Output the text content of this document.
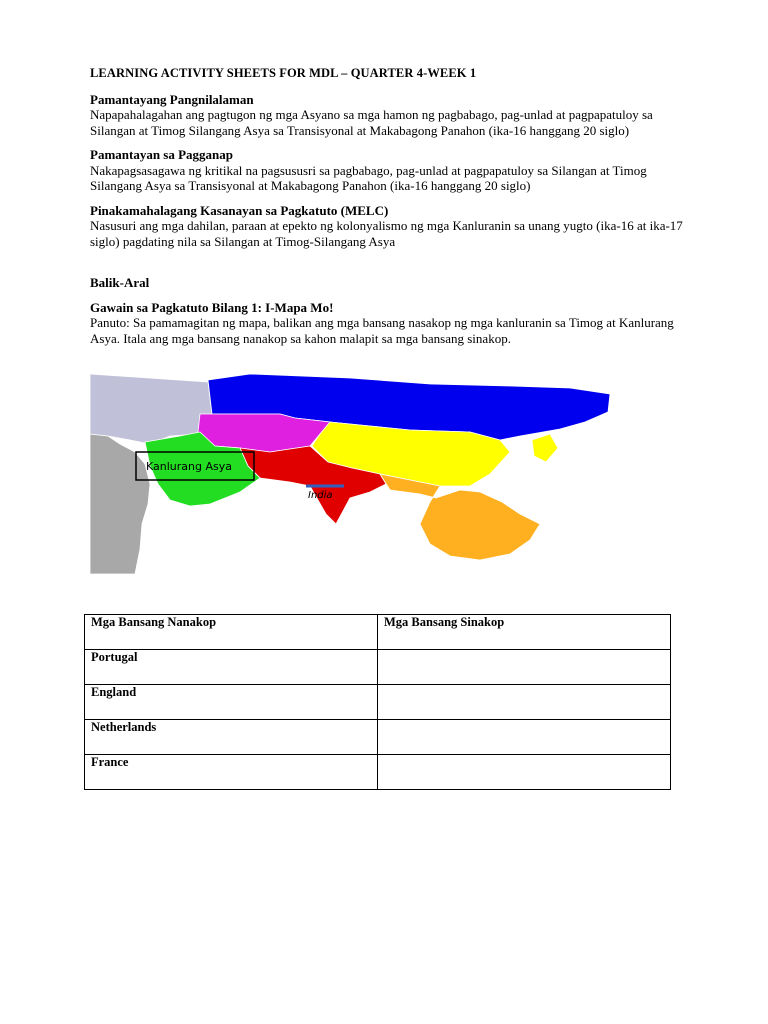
LEARNING ACTIVITY SHEETS FOR MDL – QUARTER 4-WEEK 1
Pamantayang Pangnilalaman

Napapahalagahan ang pagtugon ng mga Asyano sa mga hamon ng pagbabago, pag-unlad at pagpapatuloy sa Silangan at Timog Silangang Asya sa Transisyonal at Makabagong Panahon (ika-16 hanggang 20 siglo)

Pamantayan sa Pagganap

Nakapagsasagawa ng kritikal na pagsususri sa pagbabago, pag-unlad at pagpapatuloy sa Silangan at Timog Silangang Asya sa Transisyonal at Makabagong Panahon (ika-16 hanggang 20 siglo)

Pinakamahalagang Kasanayan sa Pagkatuto (MELC)

Nasusuri ang mga dahilan, paraan at epekto ng kolonyalismo ng mga Kanluranin sa unang yugto (ika-16 at ika-17 siglo) pagdating nila sa Silangan at Timog-Silangang Asya

Balik-Aral
Gawain sa Pagkatuto Bilang 1: I-Mapa Mo!

Panuto: Sa pamamagitan ng mapa, balikan ang mga bansang nasakop ng mga kanluranin sa Timog at Kanlurang Asya. Itala ang mga bansang nanakop sa kahon malapit sa mga bansang sinakop.

Kanlurang Asya
India
Mga Bansang Nanakop	Mga Bansang Sinakop
Portugal	
England	
Netherlands	
France	
